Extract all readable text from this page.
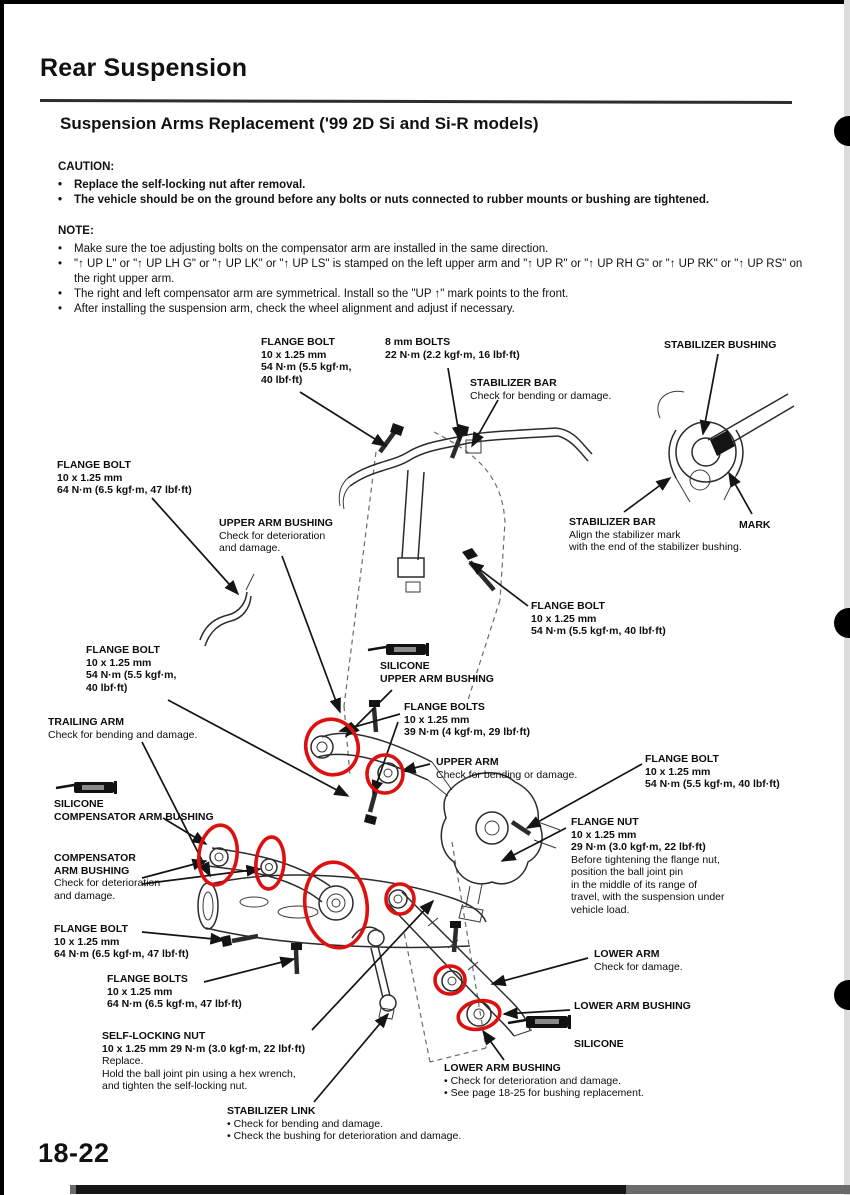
Rear Suspension
Suspension Arms Replacement ('99 2D Si and Si-R models)
CAUTION:
•	Replace the self-locking nut after removal.
•	The vehicle should be on the ground before any bolts or nuts connected to rubber mounts or bushing are tightened.
NOTE:
•	Make sure the toe adjusting bolts on the compensator arm are installed in the same direction.
•	"↑ UP L" or "↑ UP LH G" or "↑ UP LK" or "↑ UP LS" is stamped on the left upper arm and "↑ UP R" or "↑ UP RH G" or "↑ UP RK" or "↑ UP RS" on the right upper arm.
•	The right and left compensator arm are symmetrical. Install so the "UP ↑" mark points to the front.
•	After installing the suspension arm, check the wheel alignment and adjust if necessary.
FLANGE BOLT
10 x 1.25 mm
54 N·m (5.5 kgf·m,
40 lbf·ft)
8 mm BOLTS
22 N·m (2.2 kgf·m, 16 lbf·ft)
STABILIZER BAR
Check for bending or damage.
STABILIZER BUSHING
FLANGE BOLT
10 x 1.25 mm
64 N·m (6.5 kgf·m, 47 lbf·ft)
UPPER ARM BUSHING
Check for deterioration
and damage.
STABILIZER BAR
Align the stabilizer mark
with the end of the stabilizer bushing.
MARK
FLANGE BOLT
10 x 1.25 mm
54 N·m (5.5 kgf·m, 40 lbf·ft)
FLANGE BOLT
10 x 1.25 mm
54 N·m (5.5 kgf·m,
40 lbf·ft)
SILICONE
UPPER ARM BUSHING
FLANGE BOLTS
10 x 1.25 mm
39 N·m (4 kgf·m, 29 lbf·ft)
TRAILING ARM
Check for bending and damage.
UPPER ARM
Check for bending or damage.
FLANGE BOLT
10 x 1.25 mm
54 N·m (5.5 kgf·m, 40 lbf·ft)
FLANGE NUT
10 x 1.25 mm
29 N·m (3.0 kgf·m, 22 lbf·ft)
Before tightening the flange nut,
position the ball joint pin
in the middle of its range of
travel, with the suspension under
vehicle load.
SILICONE
COMPENSATOR ARM BUSHING
COMPENSATOR
ARM BUSHING
Check for deterioration
and damage.
FLANGE BOLT
10 x 1.25 mm
64 N·m (6.5 kgf·m, 47 lbf·ft)
FLANGE BOLTS
10 x 1.25 mm
64 N·m (6.5 kgf·m, 47 lbf·ft)
SELF-LOCKING NUT
10 x 1.25 mm 29 N·m (3.0 kgf·m, 22 lbf·ft)
Replace.
Hold the ball joint pin using a hex wrench,
and tighten the self-locking nut.
LOWER ARM
Check for damage.
LOWER ARM BUSHING
SILICONE
LOWER ARM BUSHING
• Check for deterioration and damage.
• See page 18-25 for bushing replacement.
STABILIZER LINK
• Check for bending and damage.
• Check the bushing for deterioration and damage.
18-22
